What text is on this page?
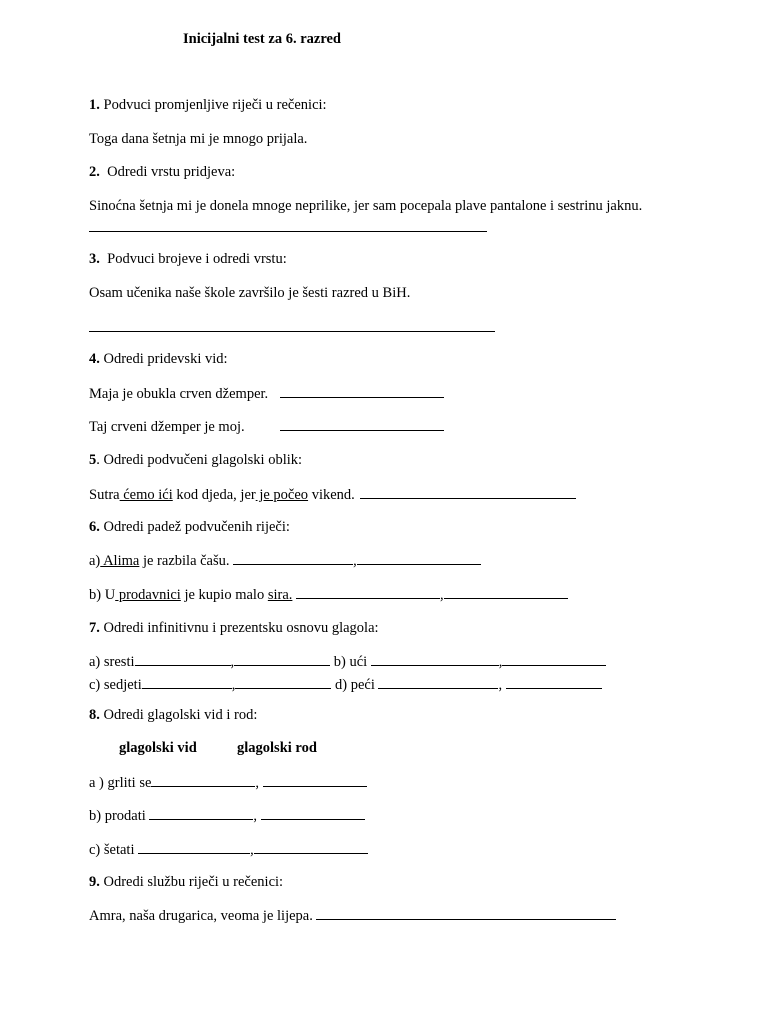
Inicijalni test za 6. razred
1. Podvuci promjenljive riječi u rečenici:
Toga dana šetnja mi je mnogo prijala.
2. Odredi vrstu pridjeva:
Sinoćna šetnja mi je donela mnoge neprilike, jer sam pocepala plave pantalone i sestrinu jaknu.
3. Podvuci brojeve i odredi vrstu:
Osam učenika naše škole završilo je šesti razred u BiH.
4. Odredi pridevski vid:
Maja je obukla crven džemper.
Taj crveni džemper je moj.
5. Odredi podvučeni glagolski oblik:
Sutra ćemo ići kod djeda, jer je počeo vikend.
6. Odredi padež podvučenih riječi:
a) Alima je razbila čašu.	,
b) U prodavnici je kupio malo sira.	,
7. Odredi infinitivnu i prezentsku osnovu glagola:
a) sresti	,	b) ući	,
c) sedjeti	,	d) peći	,
8. Odredi glagolski vid i rod:
glagolski vid	glagolski rod
a ) grliti se	,
b) prodati	,
c) šetati	,
9. Odredi službu riječi u rečenici:
Amra, naša drugarica, veoma je lijepa.
